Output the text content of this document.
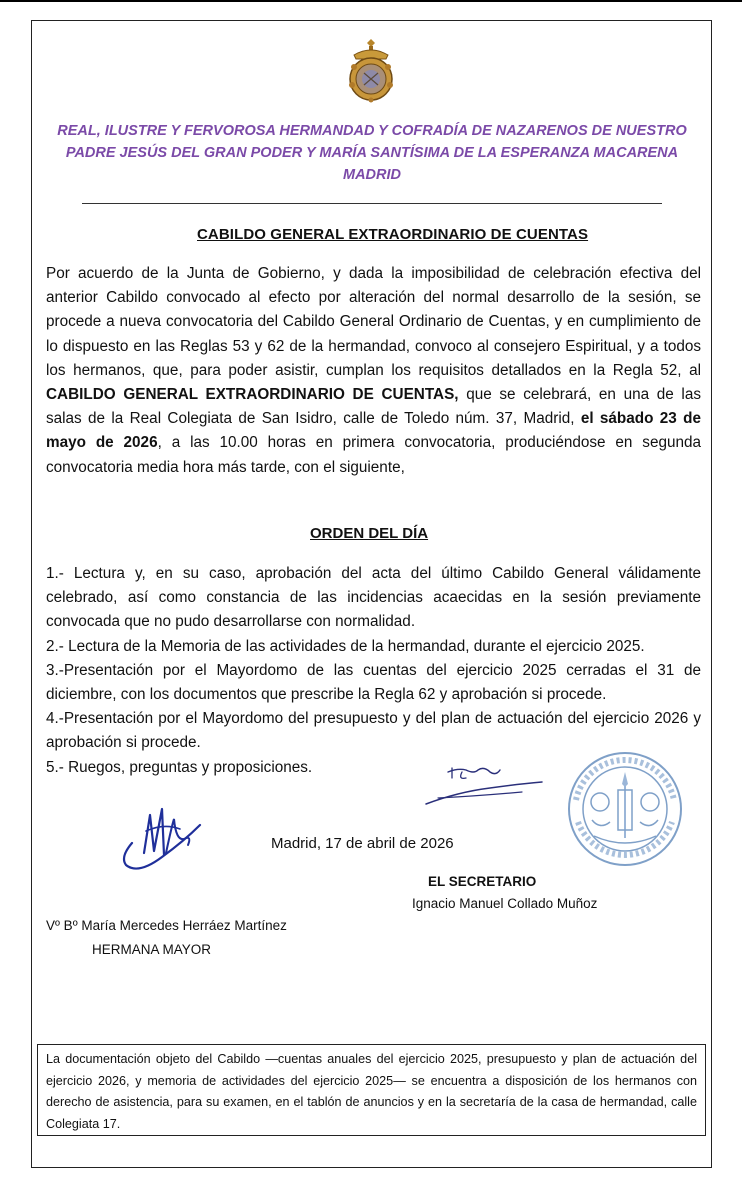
REAL, ILUSTRE Y FERVOROSA HERMANDAD Y COFRADÍA DE NAZARENOS DE NUESTRO
PADRE JESÚS DEL GRAN PODER Y MARÍA SANTÍSIMA DE LA ESPERANZA MACARENA
MADRID
CABILDO GENERAL EXTRAORDINARIO DE CUENTAS
Por acuerdo de la Junta de Gobierno, y dada la imposibilidad de celebración efectiva del anterior Cabildo convocado al efecto por alteración del normal desarrollo de la sesión, se procede a nueva convocatoria del Cabildo General Ordinario de Cuentas, y en cumplimiento de lo dispuesto en las Reglas 53 y 62 de la hermandad, convoco al consejero Espiritual, y a todos los hermanos, que, para poder asistir, cumplan los requisitos detallados en la Regla 52, al CABILDO GENERAL EXTRAORDINARIO DE CUENTAS, que se celebrará, en una de las salas de la Real Colegiata de San Isidro, calle de Toledo núm. 37, Madrid, el sábado 23 de mayo de 2026, a las 10.00 horas en primera convocatoria, produciéndose en segunda convocatoria media hora más tarde, con el siguiente,
ORDEN DEL DÍA

1.- Lectura y, en su caso, aprobación del acta del último Cabildo General válidamente celebrado, así como constancia de las incidencias acaecidas en la sesión previamente convocada que no pudo desarrollarse con normalidad.

2.- Lectura de la Memoria de las actividades de la hermandad, durante el ejercicio 2025.

3.-Presentación por el Mayordomo de las cuentas del ejercicio 2025 cerradas el 31 de diciembre, con los documentos que prescribe la Regla 62 y aprobación si procede.

4.-Presentación por el Mayordomo del presupuesto y del plan de actuación del ejercicio 2026 y aprobación si procede.

5.- Ruegos, preguntas y proposiciones.

Madrid, 17 de abril de 2026
EL SECRETARIO
Ignacio Manuel Collado Muñoz
Vº Bº María Mercedes Herráez Martínez
HERMANA MAYOR
La documentación objeto del Cabildo —cuentas anuales del ejercicio 2025, presupuesto y plan de actuación del ejercicio 2026, y memoria de actividades del ejercicio 2025— se encuentra a disposición de los hermanos con derecho de asistencia, para su examen, en el tablón de anuncios y en la secretaría de la casa de hermandad, calle Colegiata 17.
